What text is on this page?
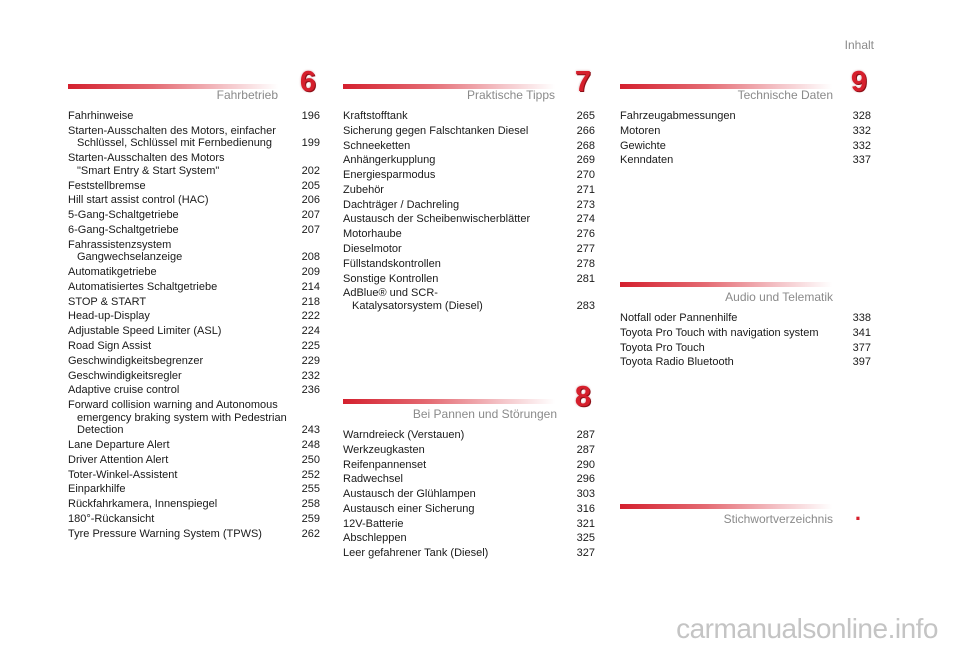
Inhalt
Fahrbetrieb 6
Fahrhinweise	196
Starten-Ausschalten des Motors, einfacher
Schlüssel, Schlüssel mit Fernbedienung	199
Starten-Ausschalten des Motors
"Smart Entry & Start System"	202
Feststellbremse	205
Hill start assist control (HAC)	206
5-Gang-Schaltgetriebe	207
6-Gang-Schaltgetriebe	207
Fahrassistenzsystem
Gangwechselanzeige	208
Automatikgetriebe	209
Automatisiertes Schaltgetriebe	214
STOP & START	218
Head-up-Display	222
Adjustable Speed Limiter (ASL)	224
Road Sign Assist	225
Geschwindigkeitsbegrenzer	229
Geschwindigkeitsregler	232
Adaptive cruise control	236
Forward collision warning and Autonomous
emergency braking system with Pedestrian
Detection	243
Lane Departure Alert	248
Driver Attention Alert	250
Toter-Winkel-Assistent	252
Einparkhilfe	255
Rückfahrkamera, Innenspiegel	258
180°-Rückansicht	259
Tyre Pressure Warning System (TPWS)	262
Praktische Tipps 7
Kraftstofftank	265
Sicherung gegen Falschtanken Diesel	266
Schneeketten	268
Anhängerkupplung	269
Energiesparmodus	270
Zubehör	271
Dachträger / Dachreling	273
Austausch der Scheibenwischerblätter	274
Motorhaube	276
Dieselmotor	277
Füllstandskontrollen	278
Sonstige Kontrollen	281
AdBlue® und SCR-
Katalysatorsystem (Diesel)	283
Bei Pannen und Störungen
8
Warndreieck (Verstauen)	287
Werkzeugkasten	287
Reifenpannenset	290
Radwechsel	296
Austausch der Glühlampen	303
Austausch einer Sicherung	316
12V-Batterie	321
Abschleppen	325
Leer gefahrener Tank (Diesel)	327
Technische Daten 9
Fahrzeugabmessungen	328
Motoren	332
Gewichte	332
Kenndaten	337
Audio und Telematik
Notfall oder Pannenhilfe	338
Toyota Pro Touch with navigation system	341
Toyota Pro Touch	377
Toyota Radio Bluetooth	397
Stichwortverzeichnis .
carmanualsonline.info
